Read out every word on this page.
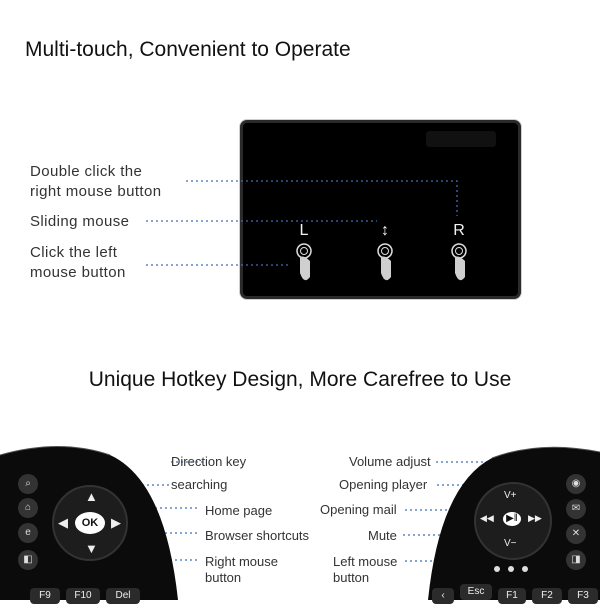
Multi-touch, Convenient to Operate
Double click the
right mouse button
Sliding mouse
Click the left
mouse button
L	↕	R
Unique Hotkey Design, More Carefree to Use
⌕
⌂
e
◧
▲
▼
◀	▶
OK
F9	F10	Del
Direction key
searching
Home page
Browser shortcuts
Right mouse
button
V+
V−
◀◀	▶▶
▶‖
◉
✉
✕
◨
‹	Esc	F1	F2	F3
Volume adjust
Opening player
Opening mail
Mute
Left mouse
button
